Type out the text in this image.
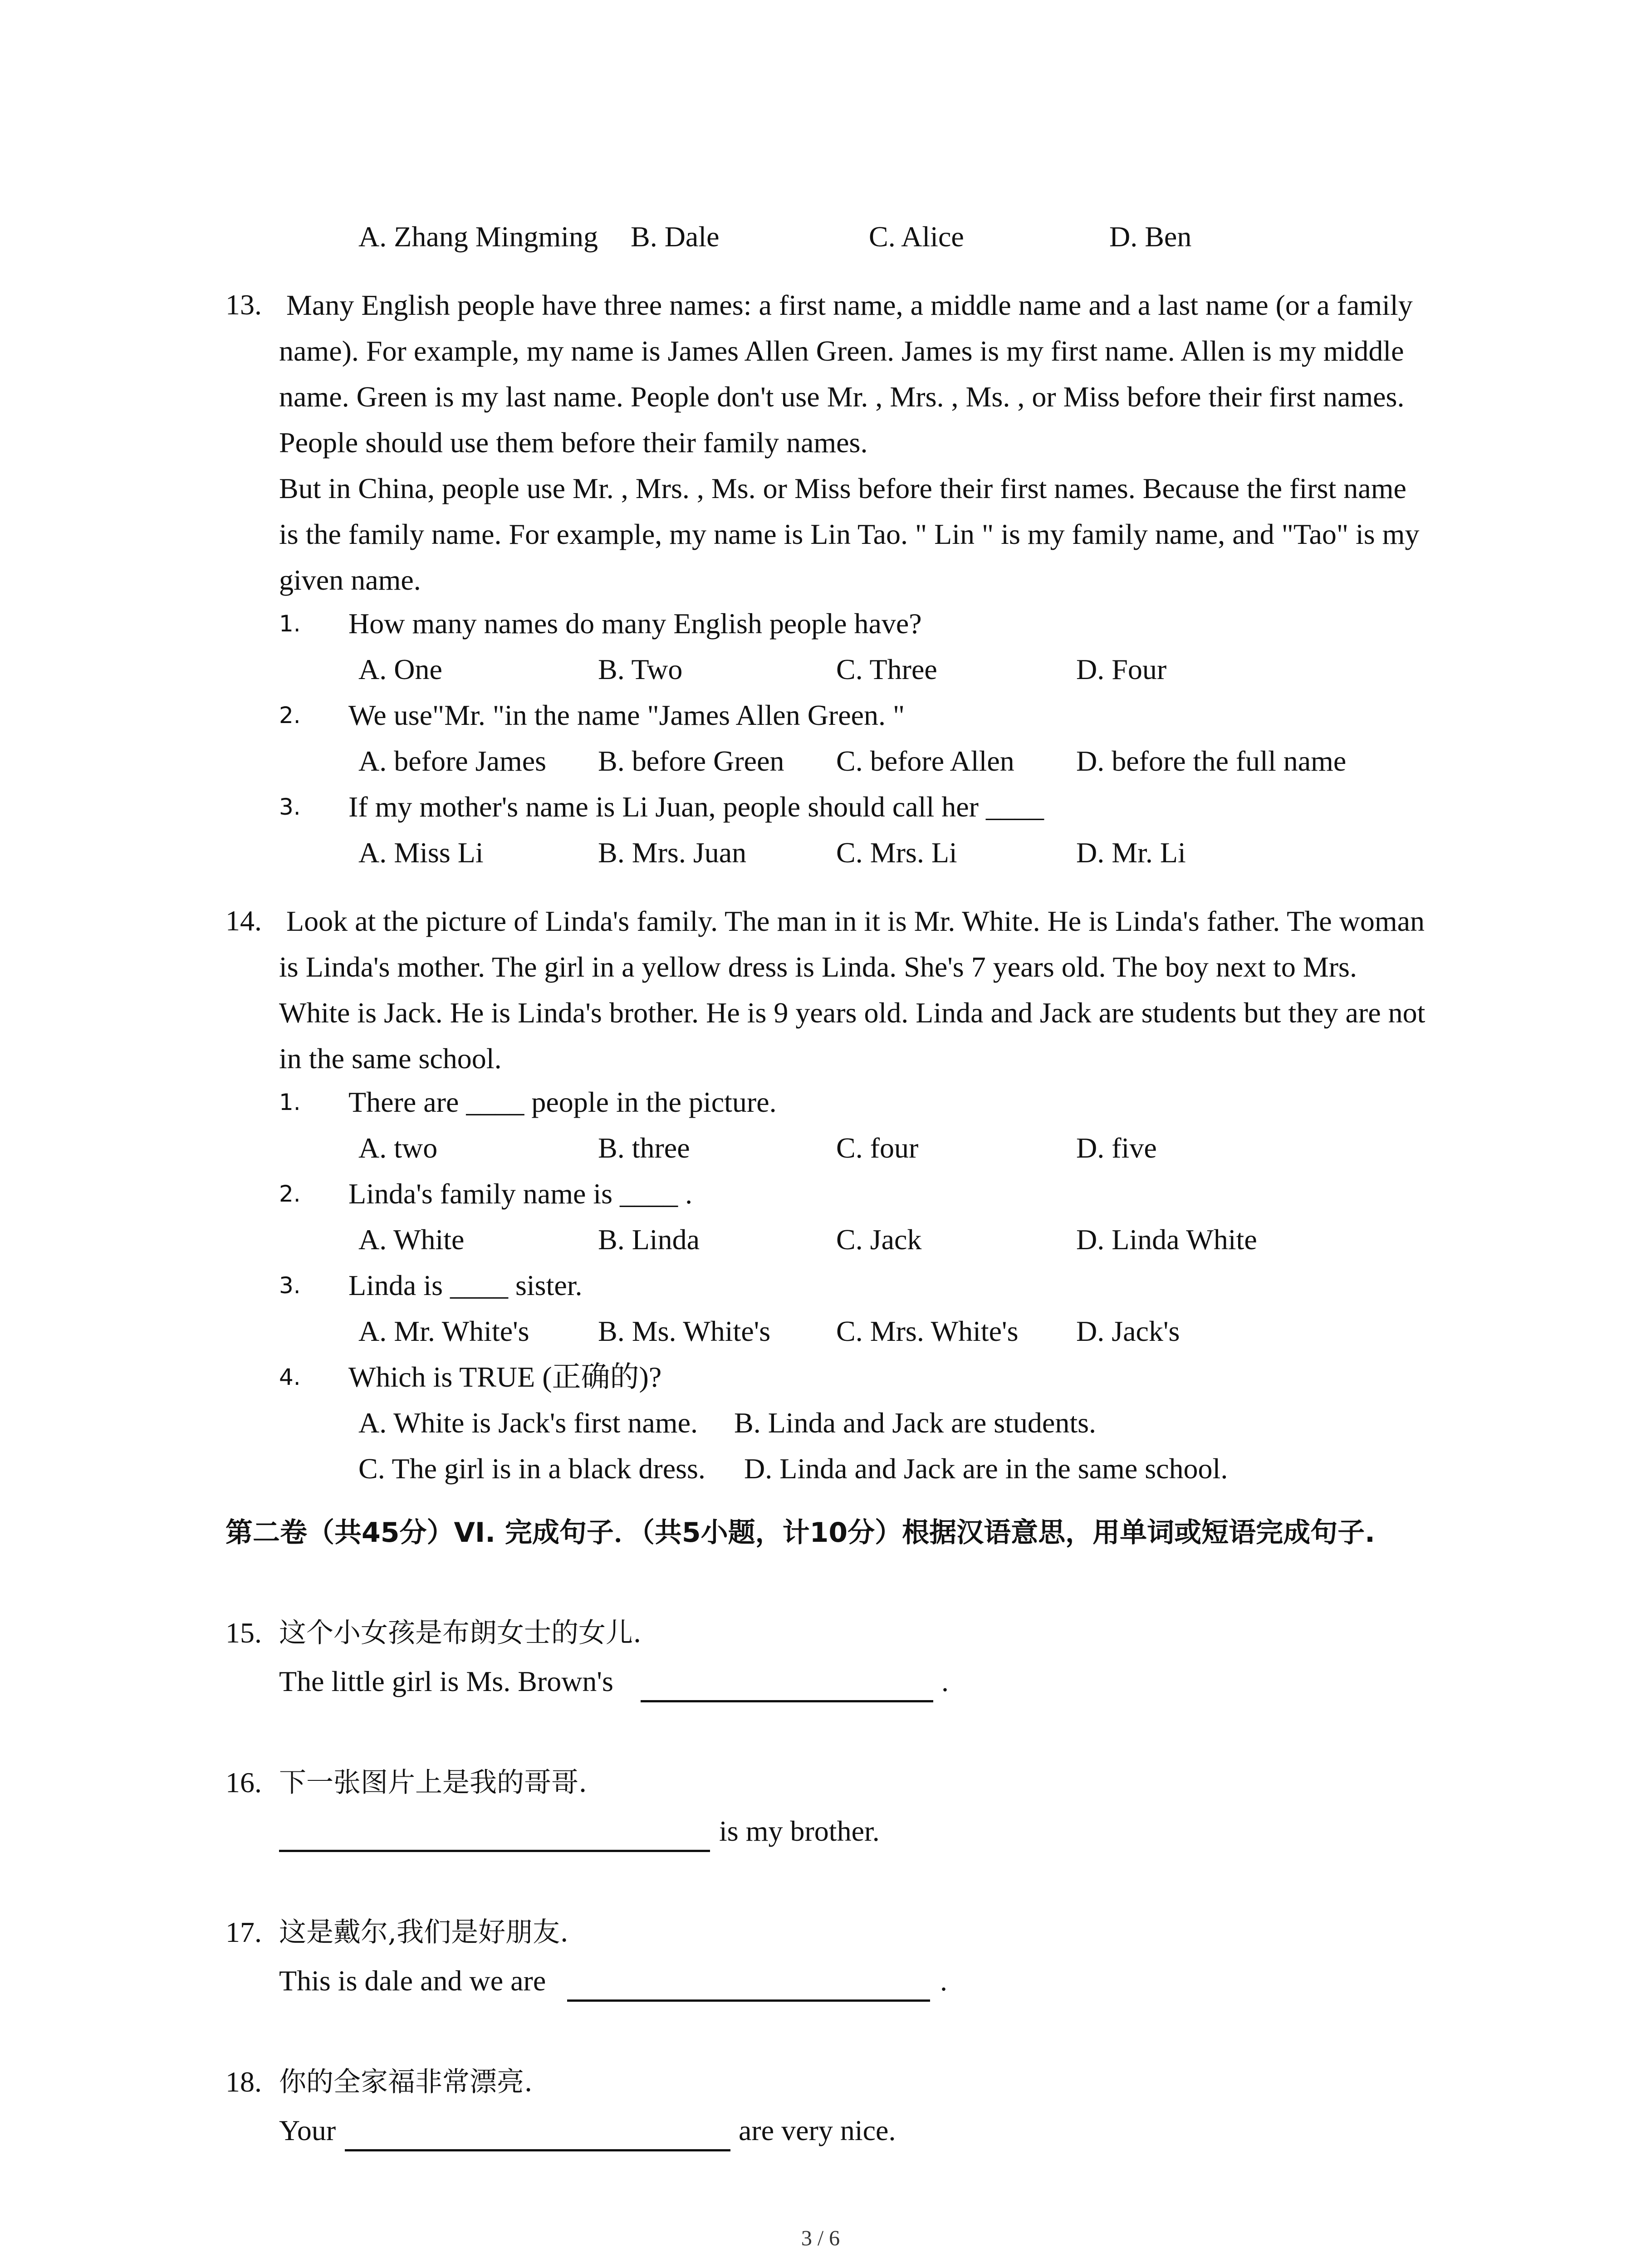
A. Zhang Mingming B. Dale	C. Alice	D. Ben
13. Many English people have three names: a first name, a middle name and a last name (or a family name). For example, my name is James Allen Green. James is my first name. Allen is my middle name. Green is my last name. People don't use Mr. , Mrs. , Ms. , or Miss before their first names. People should use them before their family names.
But in China, people use Mr. , Mrs. , Ms. or Miss before their first names. Because the first name is the family name. For example, my name is Lin Tao. " Lin " is my family name, and "Tao" is my given name.
1. How many names do many English people have?
A. One	B. Two	C. Three	D. Four
2. We use"Mr. "in the name "James Allen Green. "
A. before James B. before Green C. before Allen D. before the full name
3. If my mother's name is Li Juan, people should call her ____
A. Miss Li	B. Mrs. Juan	C. Mrs. Li	D. Mr. Li
14. Look at the picture of Linda's family. The man in it is Mr. White. He is Linda's father. The woman is Linda's mother. The girl in a yellow dress is Linda. She's 7 years old. The boy next to Mrs. White is Jack. He is Linda's brother. He is 9 years old. Linda and Jack are students but they are not in the same school.
1. There are ____ people in the picture.
A. two	B. three	C. four	D. five
2. Linda's family name is ____ .
A. White	B. Linda	C. Jack	D. Linda White
3. Linda is ____ sister.
A. Mr. White's B. Ms. White's C. Mrs. White's D. Jack's
4. Which is TRUE (正确的)?
A. White is Jack's first name. B. Linda and Jack are students.
C. The girl is in a black dress. D. Linda and Jack are in the same school.
第二卷（共45分）VI. 完成句子．（共5小题，计10分）根据汉语意思，用单词或短语完成句子.
15. 这个小女孩是布朗女士的女儿.
The little girl is Ms. Brown's	.
16. 下一张图片上是我的哥哥.
is my brother.
17. 这是戴尔,我们是好朋友.
This is dale and we are	.
18. 你的全家福非常漂亮.
Your	are very nice.
3 / 6
